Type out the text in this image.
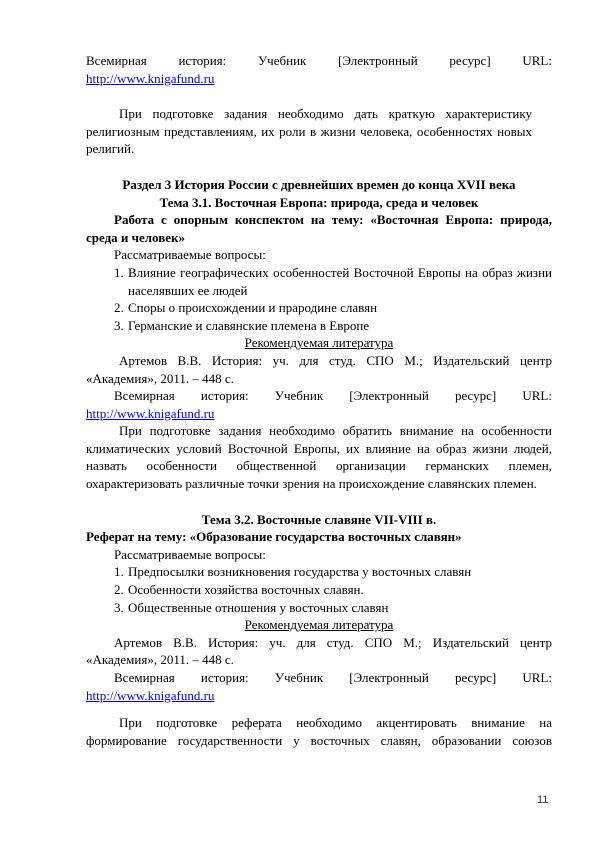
Всемирная история: Учебник [Электронный ресурс] URL:

http://www.knigafund.ru

При подготовке задания необходимо дать краткую характеристику религиозным представлениям, их роли в жизни человека, особенностях новых религий.

Раздел 3 История России с древнейших времен до конца XVII века

Тема 3.1. Восточная Европа: природа, среда и человек

Работа с опорным конспектом на тему: «Восточная Европа: природа, среда и человек»

Рассматриваемые вопросы:

1. Влияние географических особенностей Восточной Европы на образ жизни населявших ее людей
2. Споры о происхождении и прародине славян
3. Германские и славянские племена в Европе

Рекомендуемая литература

Артемов В.В. История: уч. для студ. СПО М.; Издательский центр «Академия», 2011. – 448 с.

Всемирная история: Учебник [Электронный ресурс] URL:

http://www.knigafund.ru

При подготовке задания необходимо обратить внимание на особенности климатических условий Восточной Европы, их влияние на образ жизни людей, назвать особенности общественной организации германских племен, охарактеризовать различные точки зрения на происхождение славянских племен.

Тема 3.2. Восточные славяне VII-VIII в.

Реферат на тему: «Образование государства восточных славян»

Рассматриваемые вопросы:

1. Предпосылки возникновения государства у восточных славян
2. Особенности хозяйства восточных славян.
3. Общественные отношения у восточных славян

Рекомендуемая литература

Артемов В.В. История: уч. для студ. СПО М.; Издательский центр «Академия», 2011. – 448 с.

Всемирная история: Учебник [Электронный ресурс] URL:

http://www.knigafund.ru

При подготовке реферата необходимо акцентировать внимание на формирование государственности у восточных славян, образовании союзов

11
